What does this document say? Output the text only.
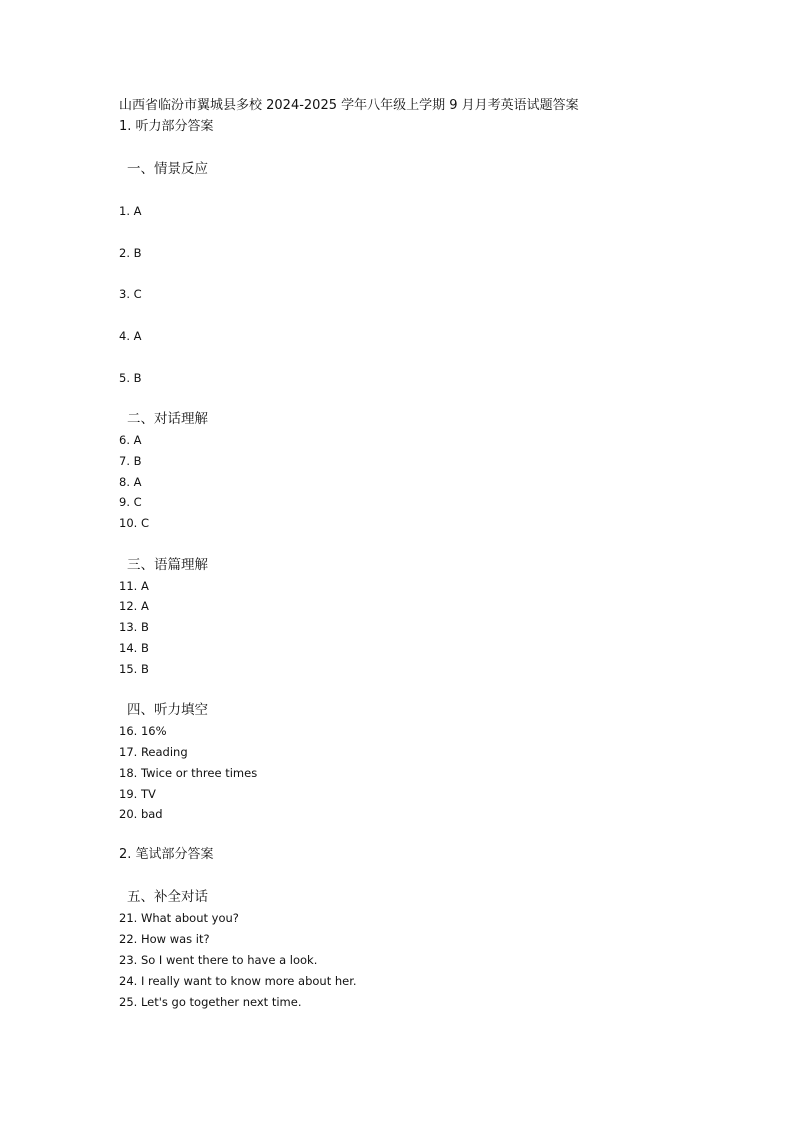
山西省临汾市翼城县多校 2024-2025 学年八年级上学期 9 月月考英语试题答案
1. 听力部分答案
一、情景反应
1. A
2. B
3. C
4. A
5. B
二、对话理解
6. A
7. B
8. A
9. C
10. C
三、语篇理解
11. A
12. A
13. B
14. B
15. B
四、听力填空
16. 16%
17. Reading
18. Twice or three times
19. TV
20. bad
2. 笔试部分答案
五、补全对话
21. What about you?
22. How was it?
23. So I went there to have a look.
24. I really want to know more about her.
25. Let's go together next time.
